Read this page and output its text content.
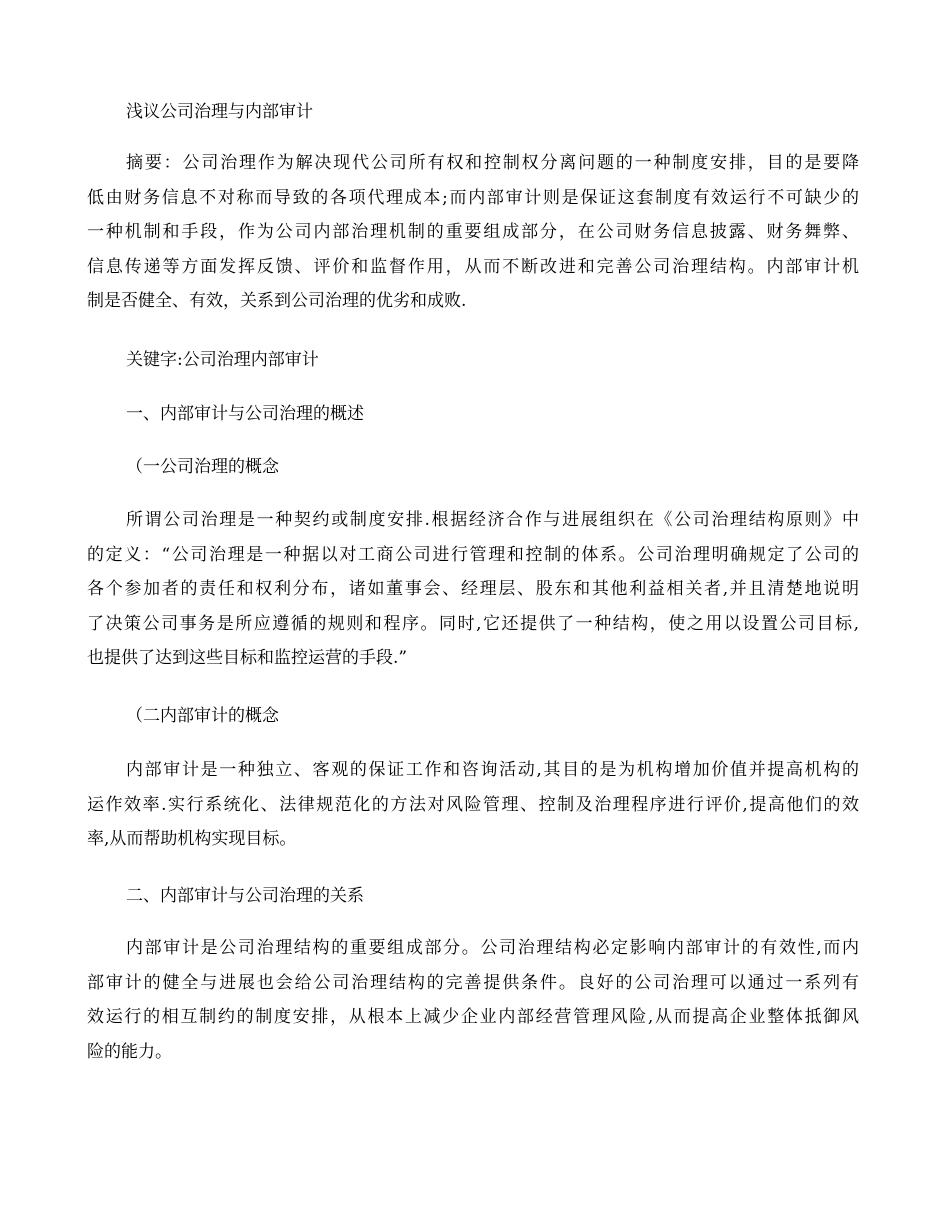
浅议公司治理与内部审计

摘要：公司治理作为解决现代公司所有权和控制权分离问题的一种制度安排，目的是要降
低由财务信息不对称而导致的各项代理成本;而内部审计则是保证这套制度有效运行不可缺少的
一种机制和手段，作为公司内部治理机制的重要组成部分，在公司财务信息披露、财务舞弊、
信息传递等方面发挥反馈、评价和监督作用，从而不断改进和完善公司治理结构。内部审计机
制是否健全、有效，关系到公司治理的优劣和成败.

关键字:公司治理内部审计

一、内部审计与公司治理的概述

（一公司治理的概念

所谓公司治理是一种契约或制度安排.根据经济合作与进展组织在《公司治理结构原则》中
的定义：“公司治理是一种据以对工商公司进行管理和控制的体系。公司治理明确规定了公司的
各个参加者的责任和权利分布，诸如董事会、经理层、股东和其他利益相关者,并且清楚地说明
了决策公司事务是所应遵循的规则和程序。同时,它还提供了一种结构，使之用以设置公司目标,
也提供了达到这些目标和监控运营的手段.”

（二内部审计的概念

内部审计是一种独立、客观的保证工作和咨询活动,其目的是为机构增加价值并提高机构的
运作效率.实行系统化、法律规范化的方法对风险管理、控制及治理程序进行评价,提高他们的效
率,从而帮助机构实现目标。

二、内部审计与公司治理的关系

内部审计是公司治理结构的重要组成部分。公司治理结构必定影响内部审计的有效性,而内
部审计的健全与进展也会给公司治理结构的完善提供条件。良好的公司治理可以通过一系列有
效运行的相互制约的制度安排，从根本上减少企业内部经营管理风险,从而提高企业整体抵御风
险的能力。
